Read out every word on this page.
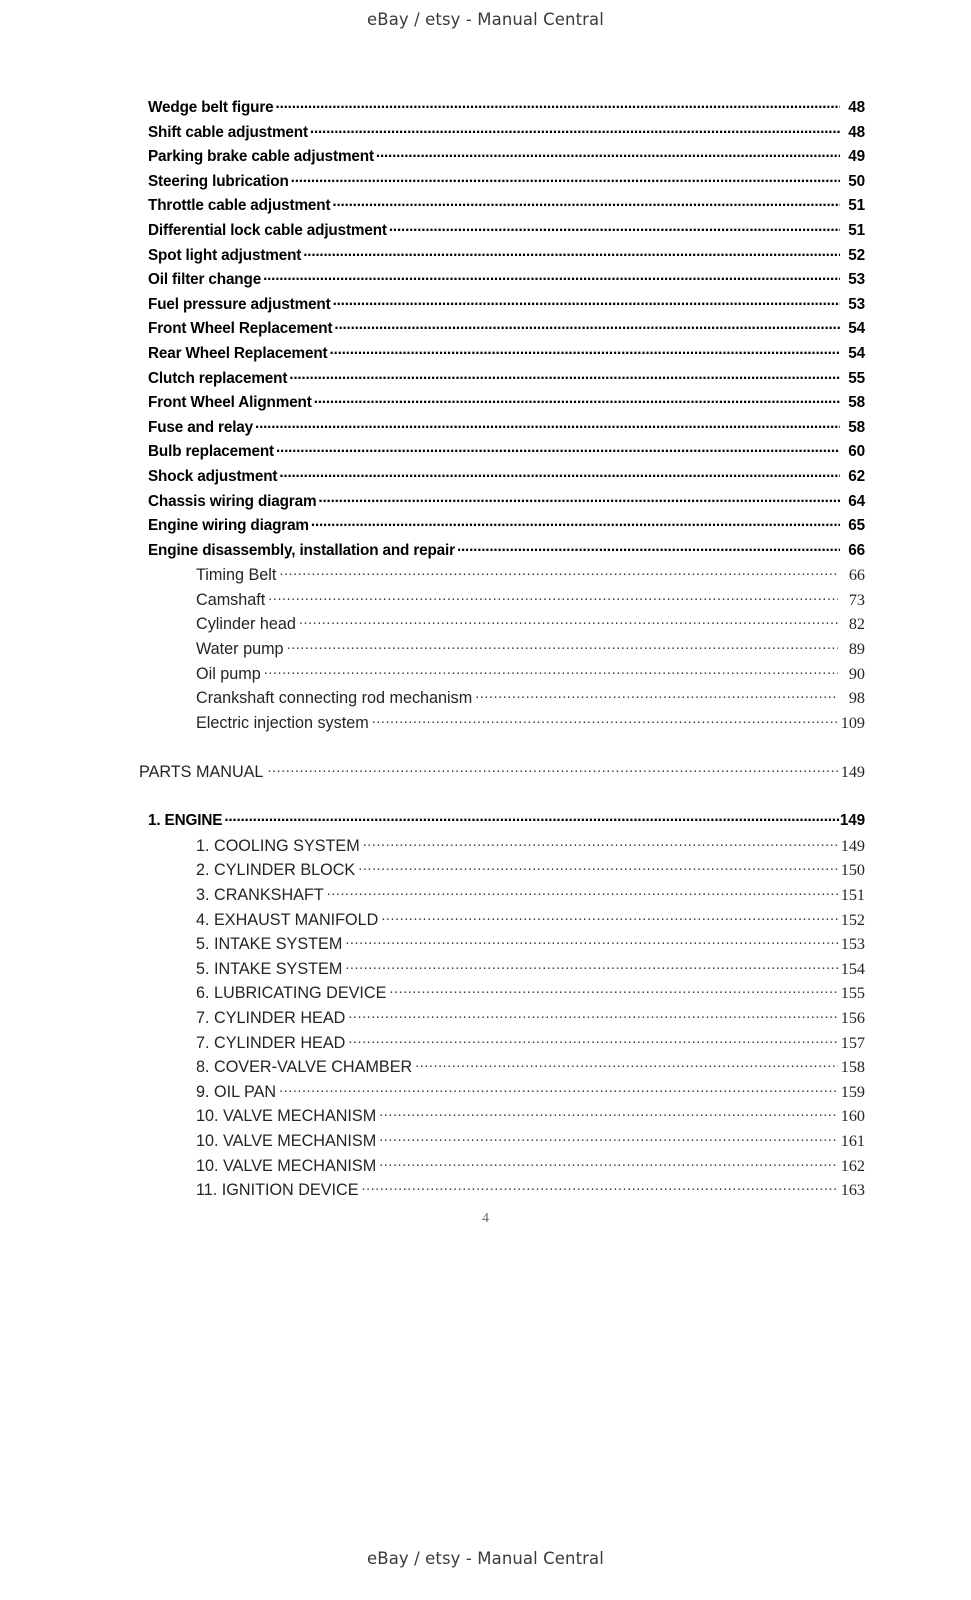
eBay / etsy - Manual Central
Wedge belt figure .....	48
Shift cable adjustment .....	48
Parking brake cable adjustment .....	49
Steering lubrication .....	50
Throttle cable adjustment .....	51
Differential lock cable adjustment .....	51
Spot light adjustment .....	52
Oil filter change .....	53
Fuel pressure adjustment .....	53
Front Wheel Replacement .....	54
Rear Wheel Replacement .....	54
Clutch replacement .....	55
Front Wheel Alignment .....	58
Fuse and relay .....	58
Bulb replacement .....	60
Shock adjustment .....	62
Chassis wiring diagram .....	64
Engine wiring diagram .....	65
Engine disassembly, installation and repair .....	66
Timing Belt .....	66
Camshaft .....	73
Cylinder head .....	82
Water pump .....	89
Oil pump .....	90
Crankshaft connecting rod mechanism .....	98
Electric injection system .....	109
PARTS MANUAL .....	149
1. ENGINE .....	149
1. COOLING SYSTEM .....	149
2. CYLINDER BLOCK .....	150
3. CRANKSHAFT .....	151
4. EXHAUST MANIFOLD .....	152
5. INTAKE SYSTEM .....	153
5. INTAKE SYSTEM .....	154
6. LUBRICATING DEVICE .....	155
7. CYLINDER HEAD .....	156
7. CYLINDER HEAD .....	157
8. COVER-VALVE CHAMBER .....	158
9. OIL PAN .....	159
10. VALVE MECHANISM .....	160
10. VALVE MECHANISM .....	161
10. VALVE MECHANISM .....	162
11. IGNITION DEVICE .....	163
4
eBay / etsy - Manual Central
